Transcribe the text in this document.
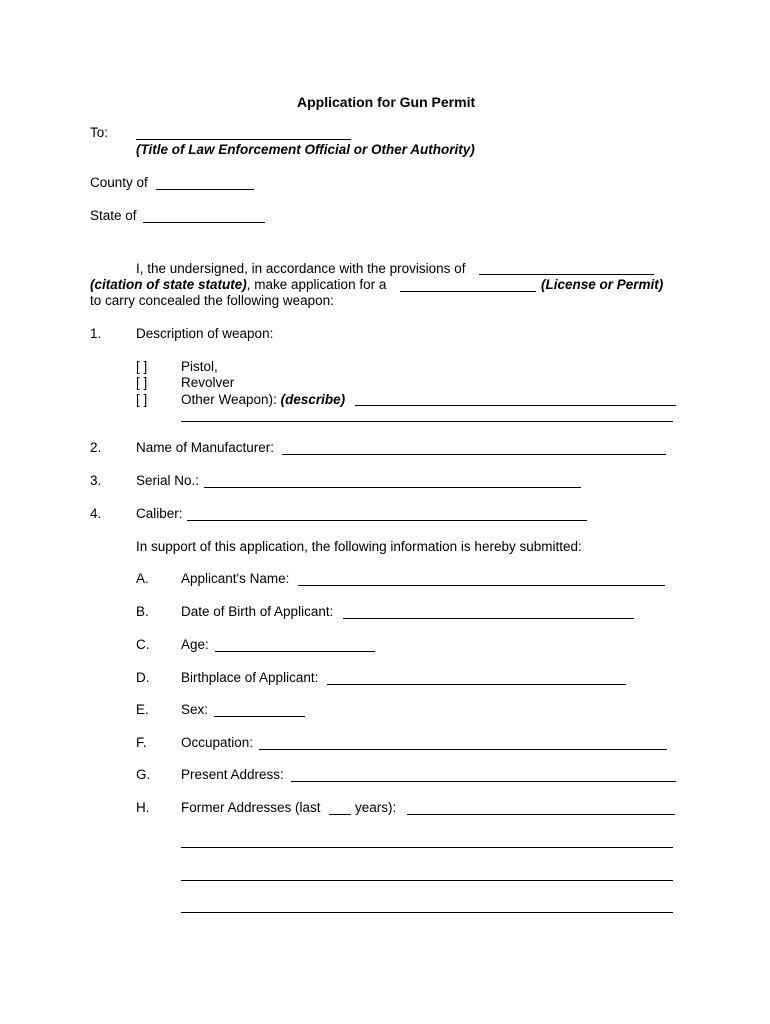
Application for Gun Permit
To:
(Title of Law Enforcement Official or Other Authority)
County of
State of
I, the undersigned, in accordance with the provisions of
(citation of state statute), make application for a	(License or Permit)
to carry concealed the following weapon:
1.	Description of weapon:
[ ] Pistol,
[ ] Revolver
[ ] Other Weapon): (describe)
2.	Name of Manufacturer:
3.	Serial No.:
4.	Caliber:
In support of this application, the following information is hereby submitted:
A. Applicant's Name:
B. Date of Birth of Applicant:
C. Age:
D. Birthplace of Applicant:
E. Sex:
F.	Occupation:
G. Present Address:
H. Former Addresses (last	years):
